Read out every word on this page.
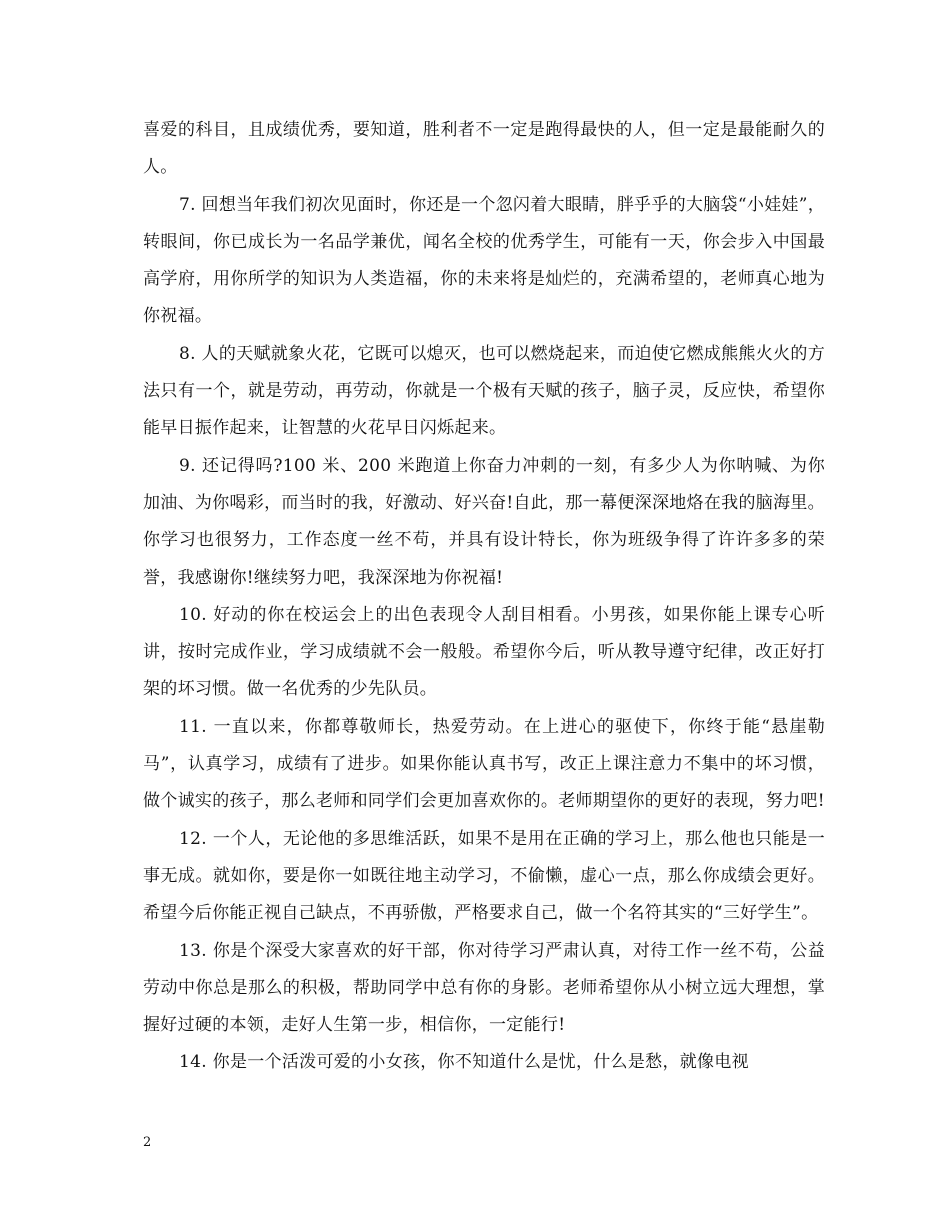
喜爱的科目，且成绩优秀，要知道，胜利者不一定是跑得最快的人，但一定是最能耐久的人。

7. 回想当年我们初次见面时，你还是一个忽闪着大眼睛，胖乎乎的大脑袋“小娃娃”，转眼间，你已成长为一名品学兼优，闻名全校的优秀学生，可能有一天，你会步入中国最高学府，用你所学的知识为人类造福，你的未来将是灿烂的，充满希望的，老师真心地为你祝福。

8. 人的天赋就象火花，它既可以熄灭，也可以燃烧起来，而迫使它燃成熊熊火火的方法只有一个，就是劳动，再劳动，你就是一个极有天赋的孩子，脑子灵，反应快，希望你能早日振作起来，让智慧的火花早日闪烁起来。

9. 还记得吗?100 米、200 米跑道上你奋力冲刺的一刻，有多少人为你呐喊、为你加油、为你喝彩，而当时的我，好激动、好兴奋!自此，那一幕便深深地烙在我的脑海里。你学习也很努力，工作态度一丝不苟，并具有设计特长，你为班级争得了许许多多的荣誉，我感谢你!继续努力吧，我深深地为你祝福!

10. 好动的你在校运会上的出色表现令人刮目相看。小男孩，如果你能上课专心听讲，按时完成作业，学习成绩就不会一般般。希望你今后，听从教导遵守纪律，改正好打架的坏习惯。做一名优秀的少先队员。

11. 一直以来，你都尊敬师长，热爱劳动。在上进心的驱使下，你终于能“悬崖勒马”，认真学习，成绩有了进步。如果你能认真书写，改正上课注意力不集中的坏习惯，做个诚实的孩子，那么老师和同学们会更加喜欢你的。老师期望你的更好的表现，努力吧!

12. 一个人，无论他的多思维活跃，如果不是用在正确的学习上，那么他也只能是一事无成。就如你，要是你一如既往地主动学习，不偷懒，虚心一点，那么你成绩会更好。希望今后你能正视自己缺点，不再骄傲，严格要求自己，做一个名符其实的“三好学生”。

13. 你是个深受大家喜欢的好干部，你对待学习严肃认真，对待工作一丝不苟，公益劳动中你总是那么的积极，帮助同学中总有你的身影。老师希望你从小树立远大理想，掌握好过硬的本领，走好人生第一步，相信你，一定能行!

14. 你是一个活泼可爱的小女孩，你不知道什么是忧，什么是愁，就像电视

2
